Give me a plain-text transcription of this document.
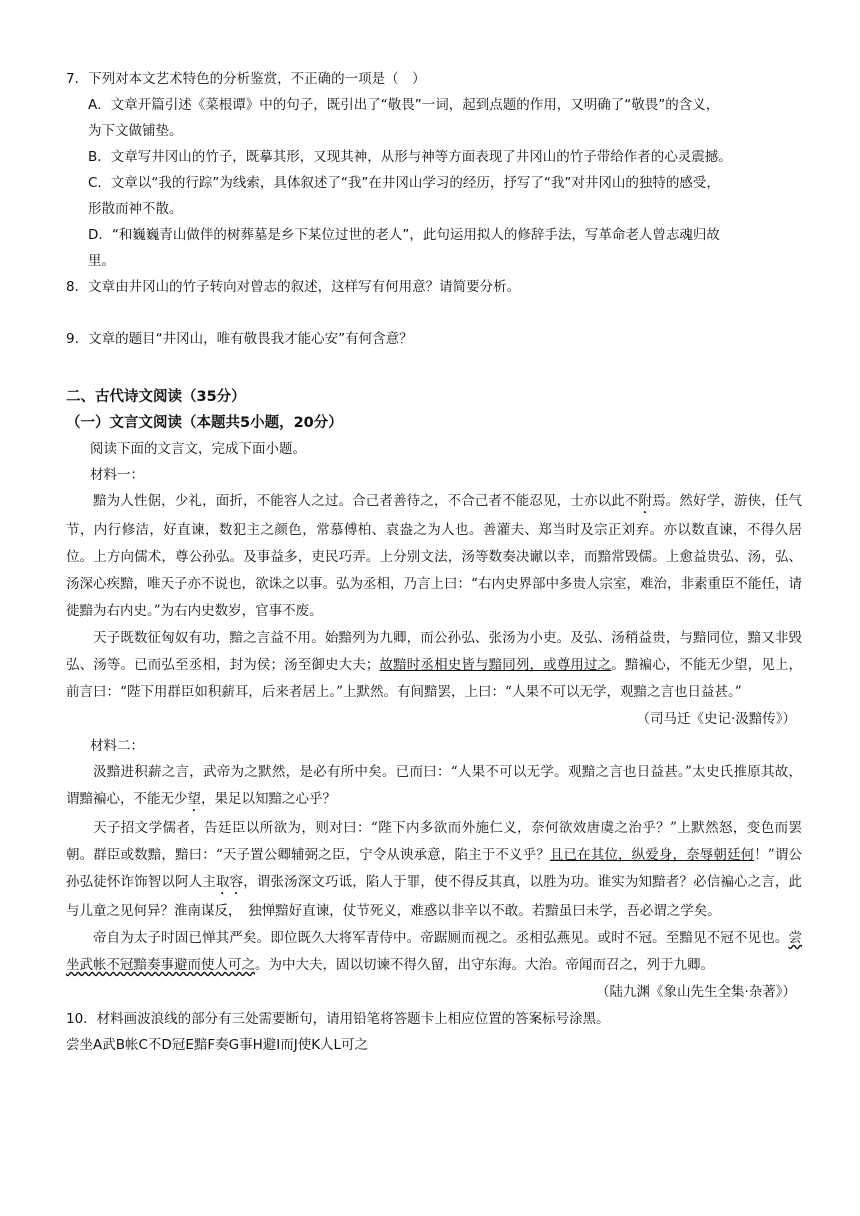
7．下列对本文艺术特色的分析鉴赏，不正确的一项是（　）

A．文章开篇引述《菜根谭》中的句子，既引出了“敬畏”一词，起到点题的作用，又明确了“敬畏”的含义，

为下文做铺垫。

B．文章写井冈山的竹子，既摹其形，又现其神，从形与神等方面表现了井冈山的竹子带给作者的心灵震撼。

C．文章以“我的行踪”为线索，具体叙述了“我”在井冈山学习的经历，抒写了“我”对井冈山的独特的感受，

形散而神不散。

D．“和巍巍青山做伴的树葬墓是乡下某位过世的老人”，此句运用拟人的修辞手法，写革命老人曾志魂归故

里。

8．文章由井冈山的竹子转向对曾志的叙述，这样写有何用意？请简要分析。

9．文章的题目“井冈山，唯有敬畏我才能心安”有何含意？

二、古代诗文阅读（35分）

（一）文言文阅读（本题共5小题，20分）

阅读下面的文言文，完成下面小题。

材料一：

黯为人性倨，少礼，面折，不能容人之过。合己者善待之，不合己者不能忍见，士亦以此不附焉。然好学，游侠，任气节，内行修洁，好直谏，数犯主之颜色，常慕傅柏、袁盎之为人也。善灌夫、郑当时及宗正刘弃。亦以数直谏，不得久居位。上方向儒术，尊公孙弘。及事益多，吏民巧弄。上分别文法，汤等数奏决谳以幸，而黯常毁儒。上愈益贵弘、汤，弘、汤深心疾黯，唯天子亦不说也，欲诛之以事。弘为丞相，乃言上曰：“右内史界部中多贵人宗室，难治，非素重臣不能任，请徙黯为右内史。”为右内史数岁，官事不废。

天子既数征匈奴有功，黯之言益不用。始黯列为九卿，而公孙弘、张汤为小吏。及弘、汤稍益贵，与黯同位，黯又非毁弘、汤等。已而弘至丞相，封为侯；汤至御史大夫；故黯时丞相史皆与黯同列，或尊用过之。黯褊心，不能无少望，见上，前言曰：“陛下用群臣如积薪耳，后来者居上。”上默然。有间黯罢，上曰：“人果不可以无学，观黯之言也日益甚。”

（司马迁《史记·汲黯传》）

材料二：

汲黯进积薪之言，武帝为之默然，是必有所中矣。已而曰：“人果不可以无学。观黯之言也日益甚。”太史氏推原其故，谓黯褊心，不能无少望，果足以知黯之心乎？

天子招文学儒者，告廷臣以所欲为，则对曰：“陛下内多欲而外施仁义，奈何欲效唐虞之治乎？”上默然怒，变色而罢朝。群臣或数黯，黯曰：“天子置公卿辅弼之臣，宁令从谀承意，陷主于不义乎？且已在其位，纵爱身，奈辱朝廷何！”谓公孙弘徒怀诈饰智以阿人主取容，谓张汤深文巧诋，陷人于罪，使不得反其真，以胜为功。谁实为知黯者？必信褊心之言，此与儿童之见何异？淮南谋反，　独惮黯好直谏，仗节死义，难惑以非辛以不敢。若黯虽曰未学，吾必谓之学矣。

帝自为太子时固已惮其严矣。即位既久大将军青侍中。帝踞厕而视之。丞相弘燕见。或时不冠。至黯见不冠不见也。尝坐武帐不冠黯奏事避而使人可之。为中大夫，固以切谏不得久留，出守东海。大治。帝闻而召之，列于九卿。

（陆九渊《象山先生全集·杂著》）

10．材料画波浪线的部分有三处需要断句，请用铅笔将答题卡上相应位置的答案标号涂黑。

尝坐A武B帐C不D冠E黯F奏G事H避I而J使K人L可之
